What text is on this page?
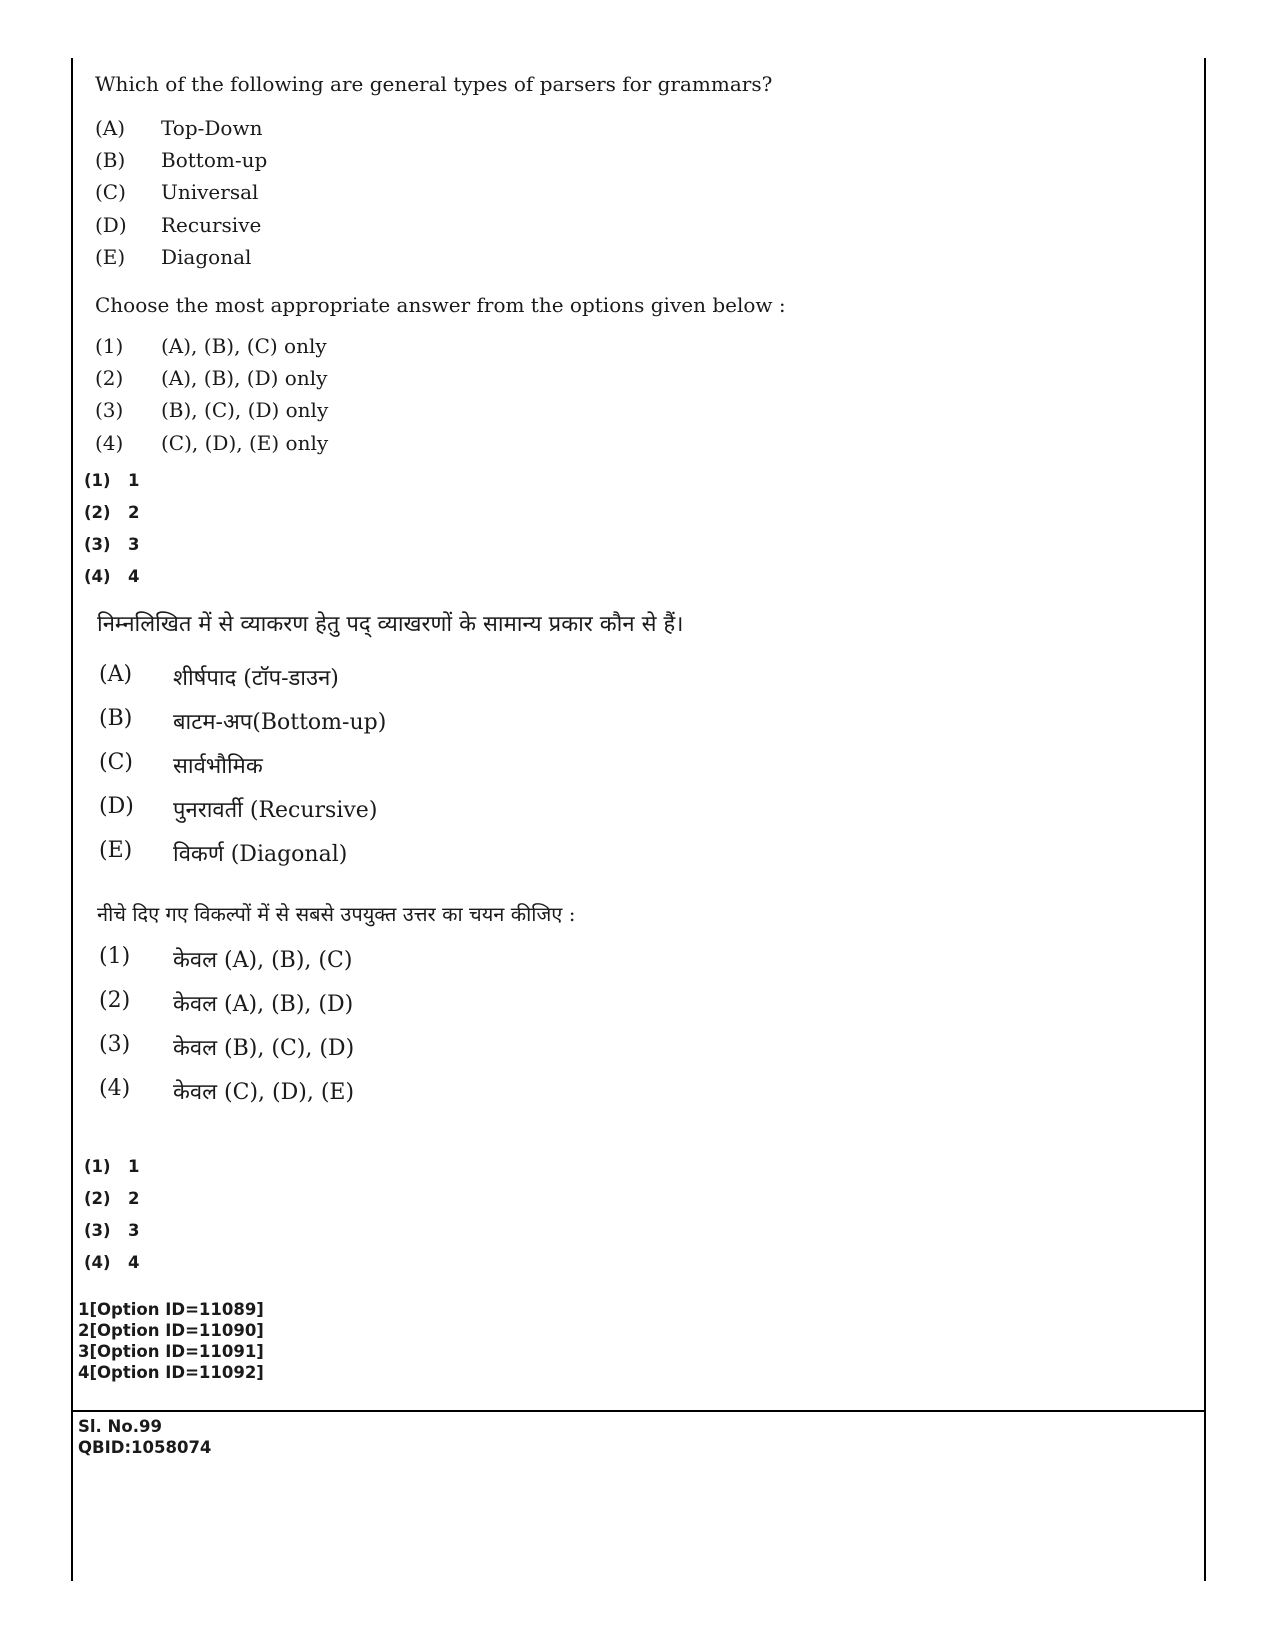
Which of the following are general types of parsers for grammars?
(A) Top-Down
(B) Bottom-up
(C) Universal
(D) Recursive
(E) Diagonal
Choose the most appropriate answer from the options given below :
(1) (A), (B), (C) only
(2) (A), (B), (D) only
(3) (B), (C), (D) only
(4) (C), (D), (E) only
(1) 1
(2) 2
(3) 3
(4) 4
निम्नलिखित में से व्याकरण हेतु पद् व्याखरणों के सामान्य प्रकार कौन से हैं।
(A) शीर्षपाद (टॉप-डाउन)
(B) बाटम-अप(Bottom-up)
(C) सार्वभौमिक
(D) पुनरावर्ती (Recursive)
(E) विकर्ण (Diagonal)
नीचे दिए गए विकल्पों में से सबसे उपयुक्त उत्तर का चयन कीजिए :
(1) केवल (A), (B), (C)
(2) केवल (A), (B), (D)
(3) केवल (B), (C), (D)
(4) केवल (C), (D), (E)
(1) 1
(2) 2
(3) 3
(4) 4
1[Option ID=11089]
2[Option ID=11090]
3[Option ID=11091]
4[Option ID=11092]
Sl. No.99
QBID:1058074
